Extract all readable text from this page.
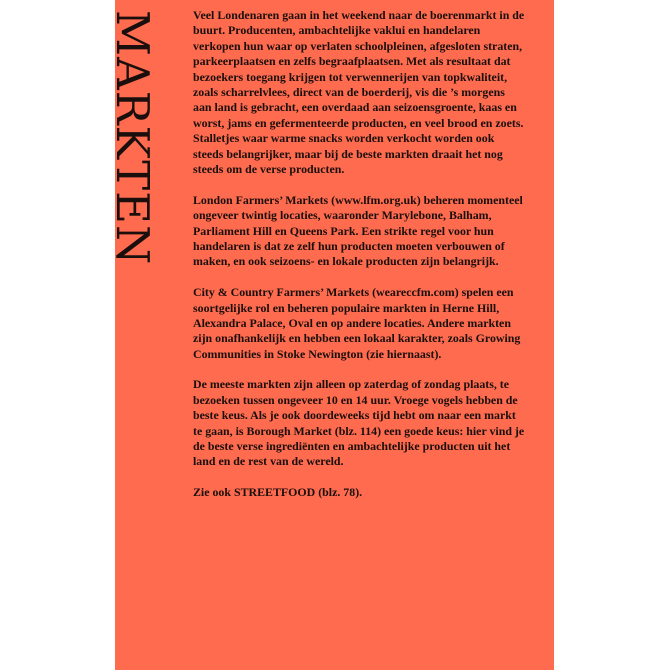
MARKTEN	Veel Londenaren gaan in het weekend naar de boerenmarkt in de buurt. Producenten, ambachtelijke vaklui en handelaren verkopen hun waar op verlaten schoolpleinen, afgesloten straten, parkeerplaatsen en zelfs begraafplaatsen. Met als resultaat dat bezoekers toegang krijgen tot verwennerijen van topkwaliteit, zoals scharrelvlees, direct van de boerderij, vis die ’s morgens aan land is gebracht, een overdaad aan seizoensgroente, kaas en worst, jams en gefermenteerde producten, en veel brood en zoets. Stalletjes waar warme snacks worden verkocht worden ook steeds belangrijker, maar bij de beste markten draait het nog steeds om de verse producten.

London Farmers’ Markets (www.lfm.org.uk) beheren momenteel ongeveer twintig locaties, waaronder Marylebone, Balham, Parliament Hill en Queens Park. Een strikte regel voor hun handelaren is dat ze zelf hun producten moeten verbouwen of maken, en ook seizoens- en lokale producten zijn belangrijk.

City & Country Farmers’ Markets (weareccfm.com) spelen een soortgelijke rol en beheren populaire markten in Herne Hill, Alexandra Palace, Oval en op andere locaties. Andere markten zijn onafhankelijk en hebben een lokaal karakter, zoals Growing Communities in Stoke Newington (zie hiernaast).

De meeste markten zijn alleen op zaterdag of zondag plaats, te bezoeken tussen ongeveer 10 en 14 uur. Vroege vogels hebben de beste keus. Als je ook doordeweeks tijd hebt om naar een markt te gaan, is Borough Market (blz. 114) een goede keus: hier vind je de beste verse ingrediënten en ambachtelijke producten uit het land en de rest van de wereld.

Zie ook STREETFOOD (blz. 78).
